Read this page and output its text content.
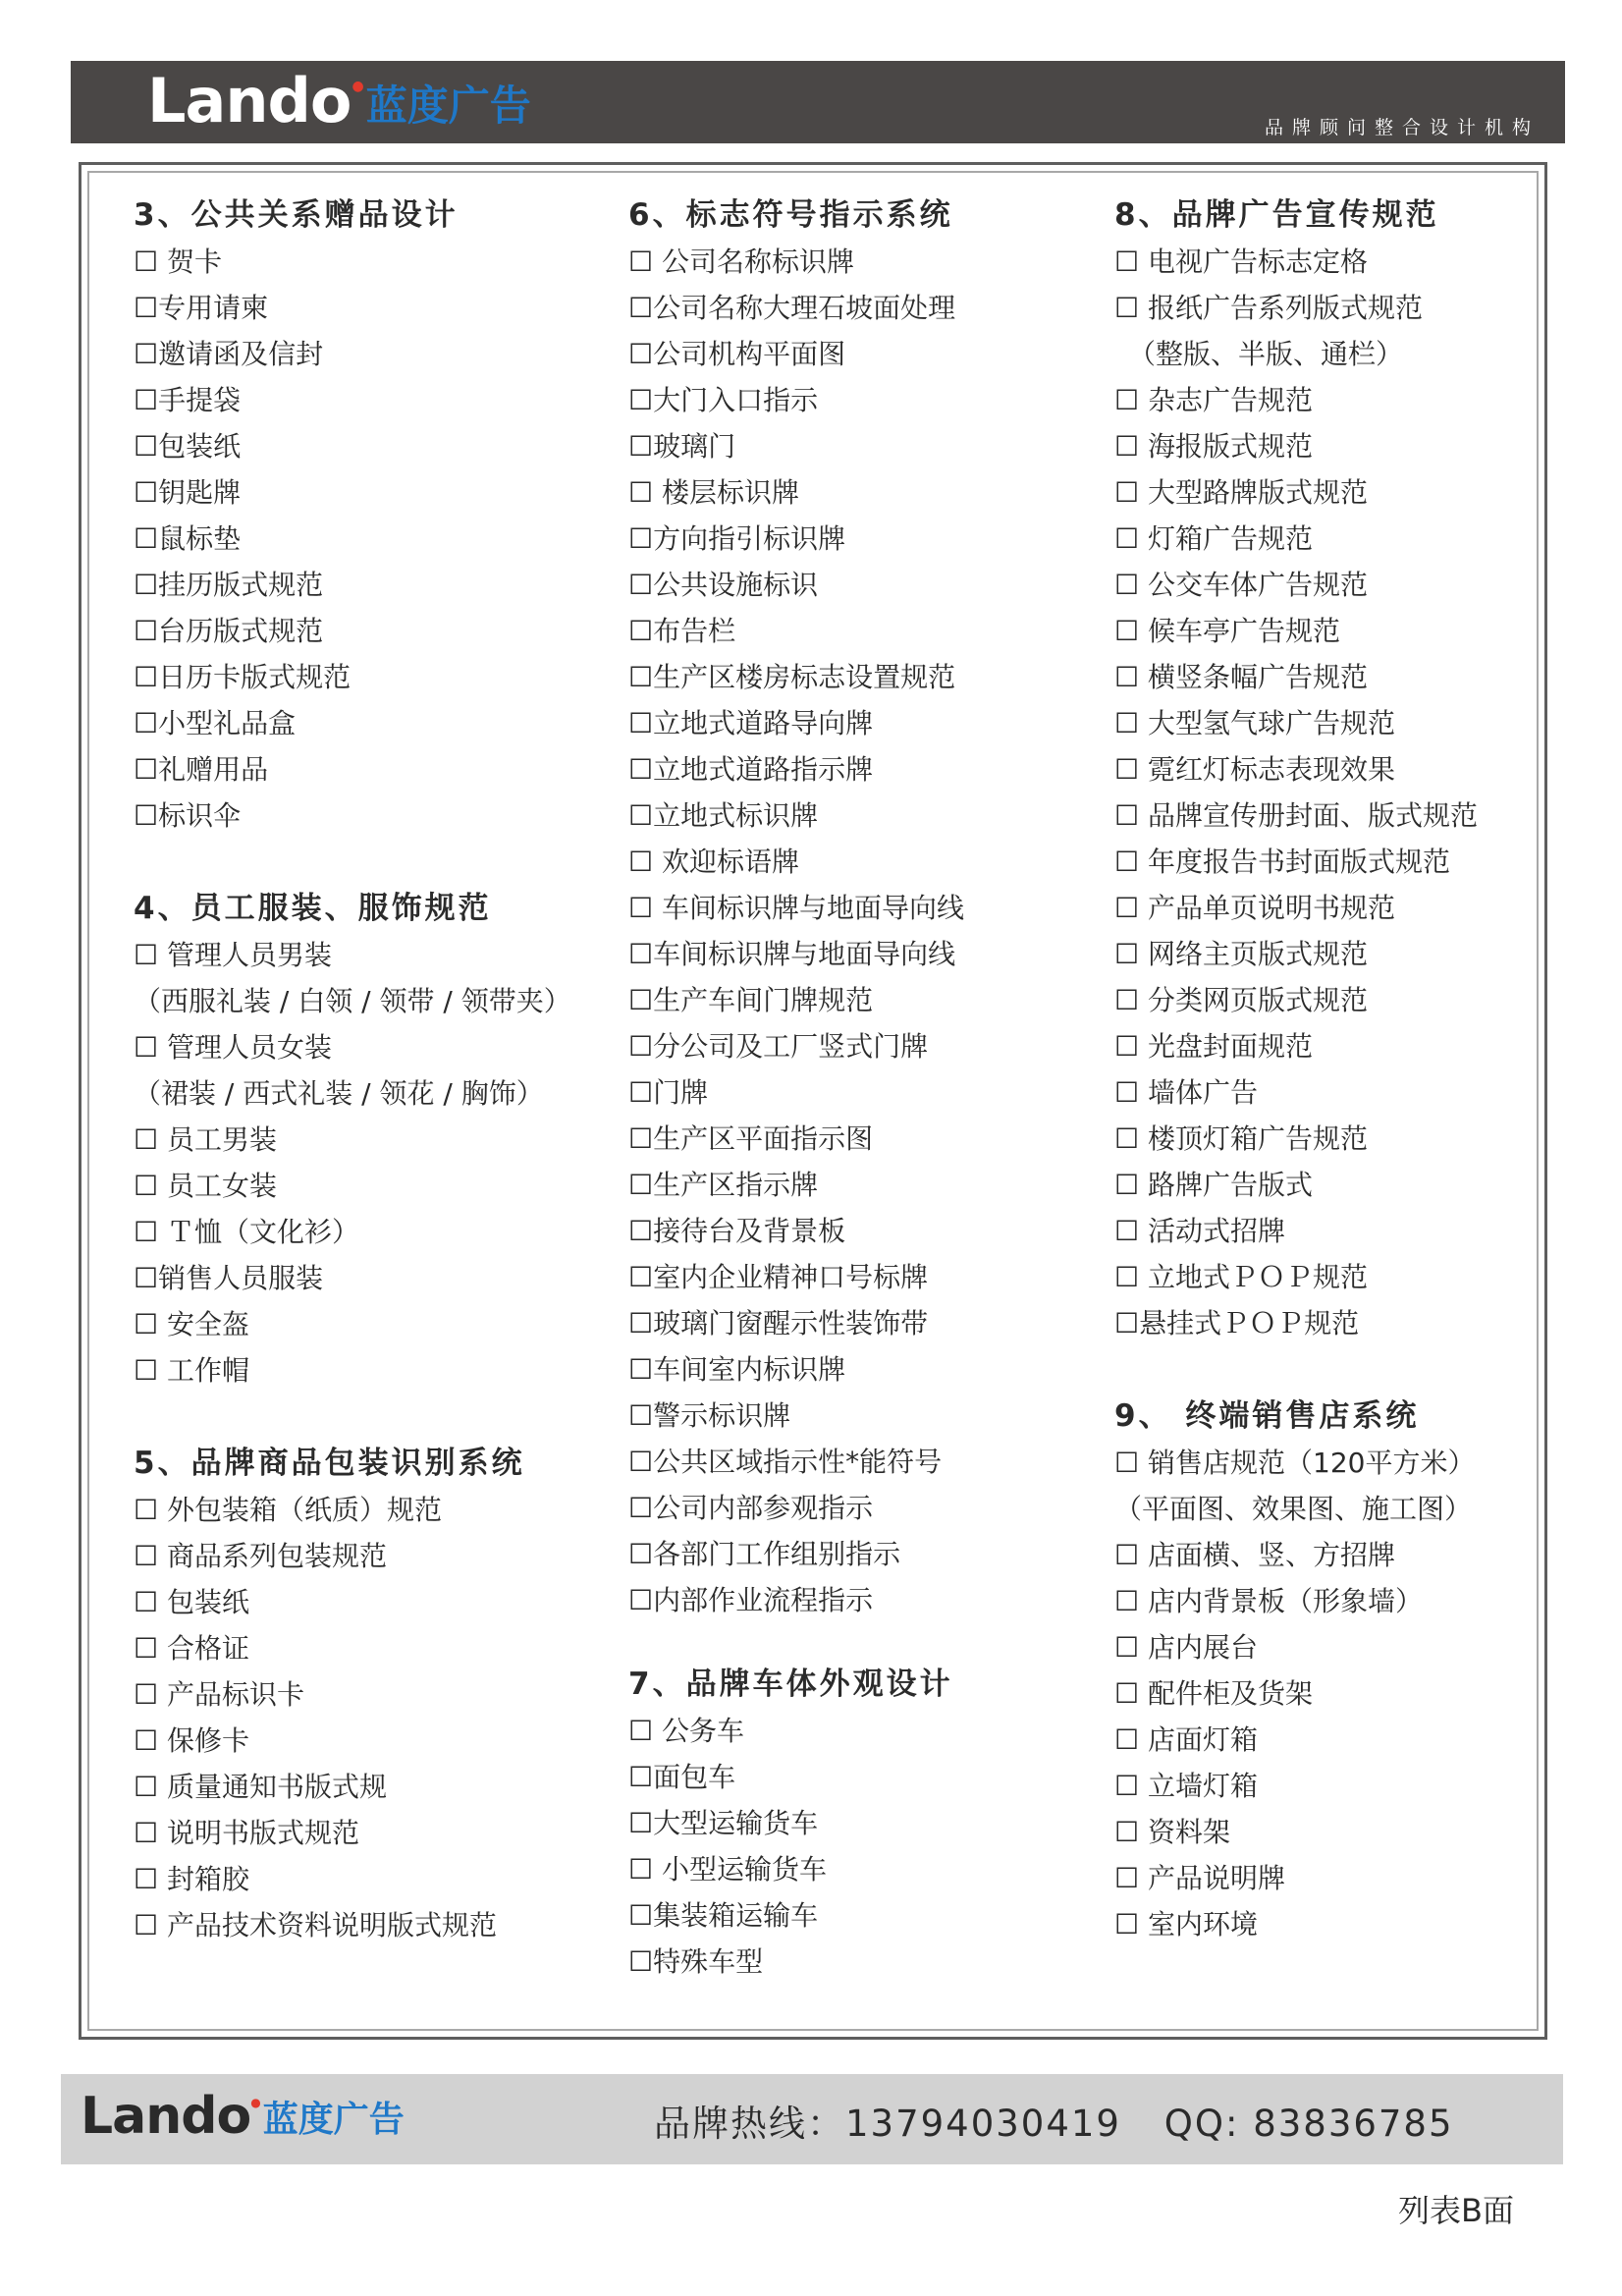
Lando ● 蓝度广告	品牌顾问整合设计机构
3、公共关系赠品设计
☐ 贺卡
☐专用请柬
☐邀请函及信封
☐手提袋
☐包装纸
☐钥匙牌
☐鼠标垫
☐挂历版式规范
☐台历版式规范
☐日历卡版式规范
☐小型礼品盒
☐礼赠用品
☐标识伞
4、员工服装、服饰规范
☐ 管理人员男装
（西服礼装 / 白领 / 领带 / 领带夹）
☐ 管理人员女装
（裙装 / 西式礼装 / 领花 / 胸饰）
☐ 员工男装
☐ 员工女装
☐ Ｔ恤（文化衫）
☐销售人员服装
☐ 安全盔
☐ 工作帽
5、品牌商品包装识别系统
☐ 外包装箱（纸质）规范
☐ 商品系列包装规范
☐ 包装纸
☐ 合格证
☐ 产品标识卡
☐ 保修卡
☐ 质量通知书版式规
☐ 说明书版式规范
☐ 封箱胶
☐ 产品技术资料说明版式规范
6、标志符号指示系统
☐ 公司名称标识牌
☐公司名称大理石坡面处理
☐公司机构平面图
☐大门入口指示
☐玻璃门
☐ 楼层标识牌
☐方向指引标识牌
☐公共设施标识
☐布告栏
☐生产区楼房标志设置规范
☐立地式道路导向牌
☐立地式道路指示牌
☐立地式标识牌
☐ 欢迎标语牌
☐ 车间标识牌与地面导向线
☐车间标识牌与地面导向线
☐生产车间门牌规范
☐分公司及工厂竖式门牌
☐门牌
☐生产区平面指示图
☐生产区指示牌
☐接待台及背景板
☐室内企业精神口号标牌
☐玻璃门窗醒示性装饰带
☐车间室内标识牌
☐警示标识牌
☐公共区域指示性*能符号
☐公司内部参观指示
☐各部门工作组别指示
☐内部作业流程指示
7、品牌车体外观设计
☐ 公务车
☐面包车
☐大型运输货车
☐ 小型运输货车
☐集装箱运输车
☐特殊车型
8、品牌广告宣传规范
☐ 电视广告标志定格
☐ 报纸广告系列版式规范
　（整版、半版、通栏）
☐ 杂志广告规范
☐ 海报版式规范
☐ 大型路牌版式规范
☐ 灯箱广告规范
☐ 公交车体广告规范
☐ 候车亭广告规范
☐ 横竖条幅广告规范
☐ 大型氢气球广告规范
☐ 霓红灯标志表现效果
☐ 品牌宣传册封面、版式规范
☐ 年度报告书封面版式规范
☐ 产品单页说明书规范
☐ 网络主页版式规范
☐ 分类网页版式规范
☐ 光盘封面规范
☐ 墙体广告
☐ 楼顶灯箱广告规范
☐ 路牌广告版式
☐ 活动式招牌
☐ 立地式ＰＯＰ规范
☐悬挂式ＰＯＰ规范
9、 终端销售店系统
☐ 销售店规范（120平方米）
（平面图、效果图、施工图）
☐ 店面横、竖、方招牌
☐ 店内背景板（形象墙）
☐ 店内展台
☐ 配件柜及货架
☐ 店面灯箱
☐ 立墙灯箱
☐ 资料架
☐ 产品说明牌
☐ 室内环境
Lando ● 蓝度广告	品牌热线：13794030419 QQ: 83836785
列表B面
